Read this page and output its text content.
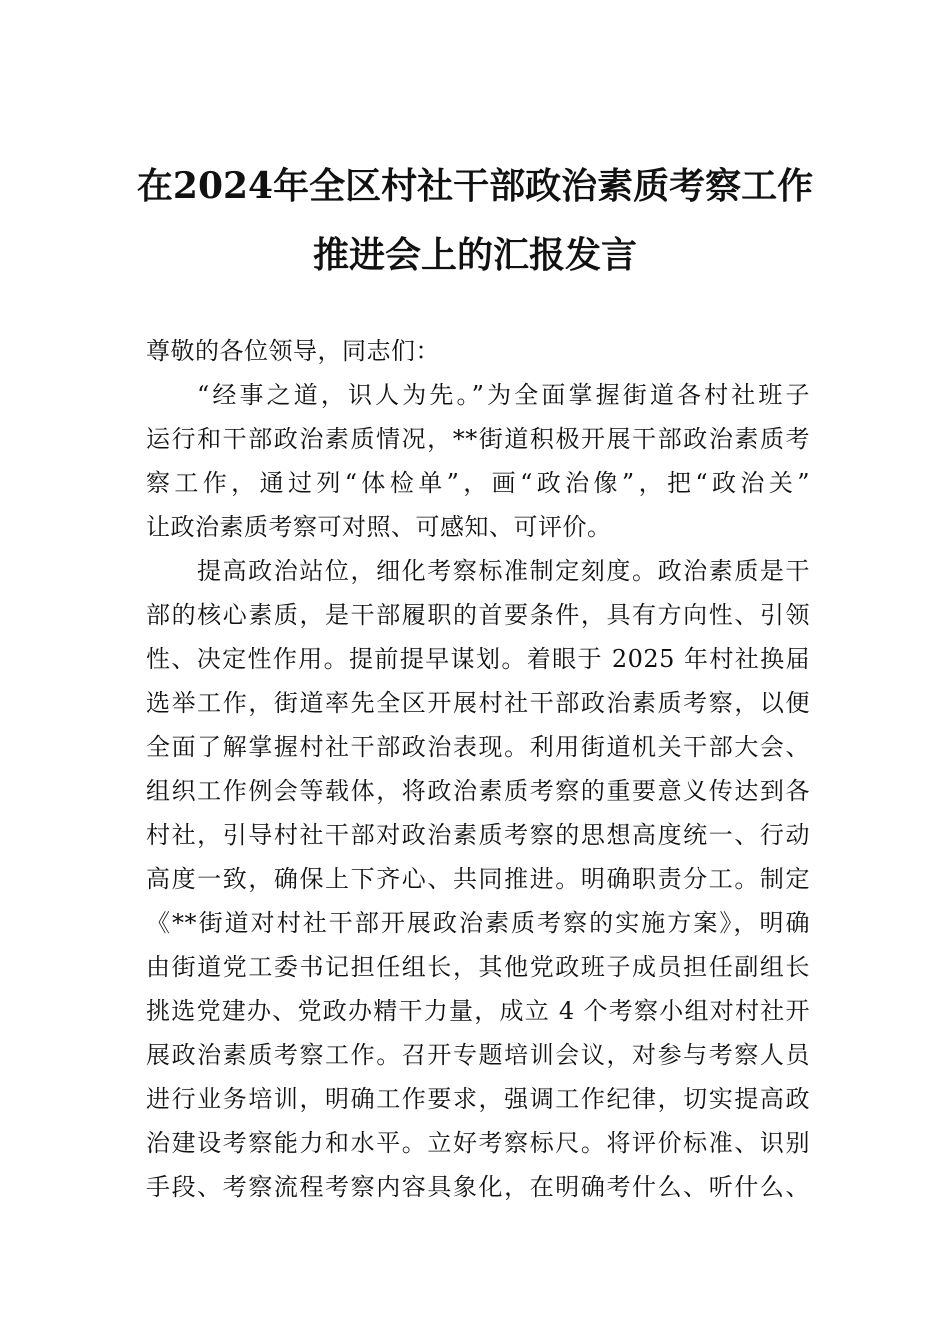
在2024年全区村社干部政治素质考察工作
推进会上的汇报发言
尊敬的各位领导，同志们：
“经事之道，识人为先。”为全面掌握街道各村社班子
运行和干部政治素质情况，**街道积极开展干部政治素质考
察工作，通过列“体检单”，画“政治像”，把“政治关”
让政治素质考察可对照、可感知、可评价。
提高政治站位，细化考察标准制定刻度。政治素质是干
部的核心素质，是干部履职的首要条件，具有方向性、引领
性、决定性作用。提前提早谋划。着眼于 2025 年村社换届
选举工作，街道率先全区开展村社干部政治素质考察，以便
全面了解掌握村社干部政治表现。利用街道机关干部大会、
组织工作例会等载体，将政治素质考察的重要意义传达到各
村社，引导村社干部对政治素质考察的思想高度统一、行动
高度一致，确保上下齐心、共同推进。明确职责分工。制定
《**街道对村社干部开展政治素质考察的实施方案》，明确
由街道党工委书记担任组长，其他党政班子成员担任副组长
挑选党建办、党政办精干力量，成立 4 个考察小组对村社开
展政治素质考察工作。召开专题培训会议，对参与考察人员
进行业务培训，明确工作要求，强调工作纪律，切实提高政
治建设考察能力和水平。立好考察标尺。将评价标准、识别
手段、考察流程考察内容具象化，在明确考什么、听什么、
